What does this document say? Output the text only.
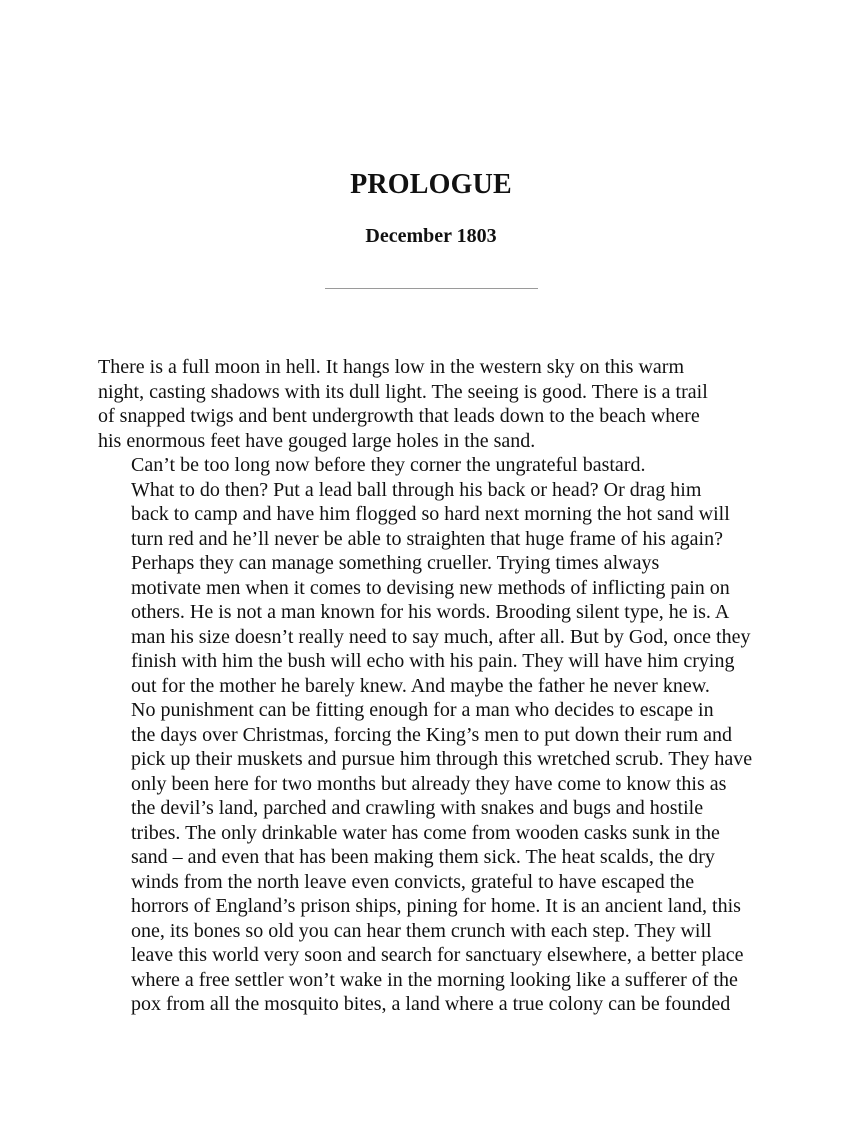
PROLOGUE
December 1803

There is a full moon in hell. It hangs low in the western sky on this warm
night, casting shadows with its dull light. The seeing is good. There is a trail
of snapped twigs and bent undergrowth that leads down to the beach where
his enormous feet have gouged large holes in the sand.

Can’t be too long now before they corner the ungrateful bastard.

What to do then? Put a lead ball through his back or head? Or drag him
back to camp and have him flogged so hard next morning the hot sand will
turn red and he’ll never be able to straighten that huge frame of his again?

Perhaps they can manage something crueller. Trying times always
motivate men when it comes to devising new methods of inflicting pain on
others. He is not a man known for his words. Brooding silent type, he is. A
man his size doesn’t really need to say much, after all. But by God, once they
finish with him the bush will echo with his pain. They will have him crying
out for the mother he barely knew. And maybe the father he never knew.

No punishment can be fitting enough for a man who decides to escape in
the days over Christmas, forcing the King’s men to put down their rum and
pick up their muskets and pursue him through this wretched scrub. They have
only been here for two months but already they have come to know this as
the devil’s land, parched and crawling with snakes and bugs and hostile
tribes. The only drinkable water has come from wooden casks sunk in the
sand – and even that has been making them sick. The heat scalds, the dry
winds from the north leave even convicts, grateful to have escaped the
horrors of England’s prison ships, pining for home. It is an ancient land, this
one, its bones so old you can hear them crunch with each step. They will
leave this world very soon and search for sanctuary elsewhere, a better place
where a free settler won’t wake in the morning looking like a sufferer of the
pox from all the mosquito bites, a land where a true colony can be founded
